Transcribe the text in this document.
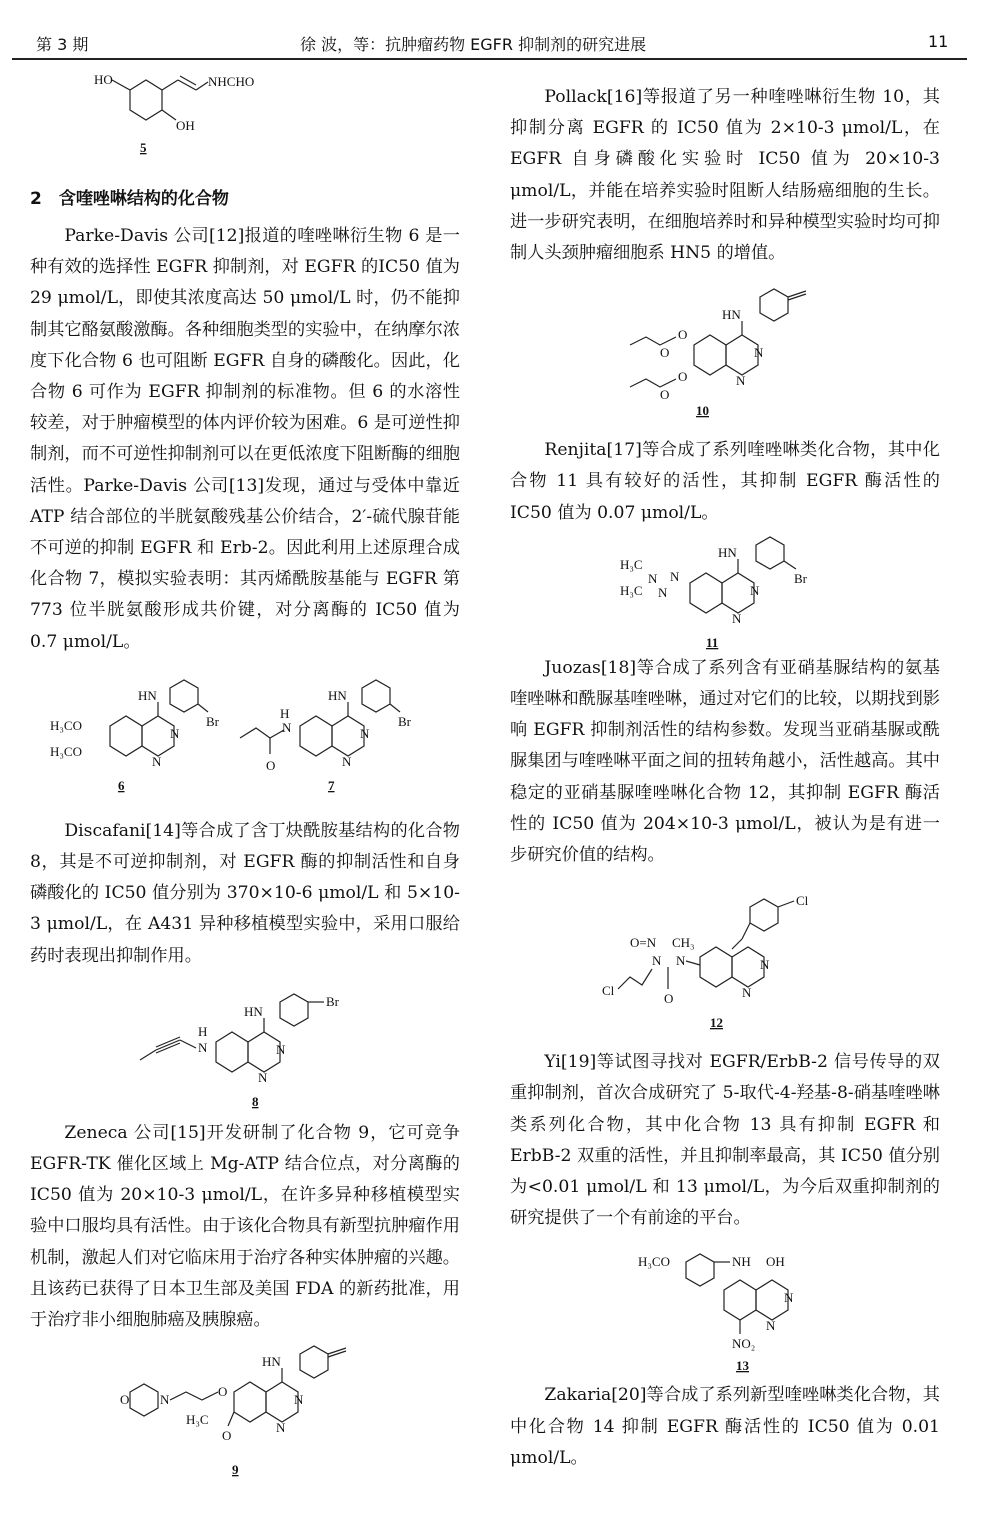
第 3 期	徐 波，等：抗肿瘤药物 EGFR 抑制剂的研究进展	11
HO
OH
NHCHO
5

2　含喹唑啉结构的化合物

Parke-Davis 公司[12]报道的喹唑啉衍生物 6 是一种有效的选择性 EGFR 抑制剂，对 EGFR 的IC50 值为 29 μmol/L，即使其浓度高达 50 μmol/L 时，仍不能抑制其它酪氨酸激酶。各种细胞类型的实验中，在纳摩尔浓度下化合物 6 也可阻断 EGFR 自身的磷酸化。因此，化合物 6 可作为 EGFR 抑制剂的标准物。但 6 的水溶性较差，对于肿瘤模型的体内评价较为困难。6 是可逆性抑制剂，而不可逆性抑制剂可以在更低浓度下阻断酶的细胞活性。Parke-Davis 公司[13]发现，通过与受体中靠近 ATP 结合部位的半胱氨酸残基公价结合，2′-硫代腺苷能不可逆的抑制 EGFR 和 Erb-2。因此利用上述原理合成化合物 7，模拟实验表明：其丙烯酰胺基能与 EGFR 第 773 位半胱氨酸形成共价键，对分离酶的 IC50 值为 0.7 μmol/L。

N
N
HN
Br
H₃CO
H₃CO
6
O
H
N	N
N
HN
Br
7

Discafani[14]等合成了含丁炔酰胺基结构的化合物 8，其是不可逆抑制剂，对 EGFR 酶的抑制活性和自身磷酸化的 IC50 值分别为 370×10-6 μmol/L 和 5×10-3 μmol/L，在 A431 异种移植模型实验中，采用口服给药时表现出抑制作用。

H
N	N
N
HN
Br
8

Zeneca 公司[15]开发研制了化合物 9，它可竞争 EGFR-TK 催化区域上 Mg-ATP 结合位点，对分离酶的 IC50 值为 20×10-3 μmol/L，在许多异种移植模型实验中口服均具有活性。由于该化合物具有新型抗肿瘤作用机制，激起人们对它临床用于治疗各种实体肿瘤的兴趣。且该药已获得了日本卫生部及美国 FDA 的新药批准，用于治疗非小细胞肺癌及胰腺癌。

O N
O
N
N
O
H₃C
HN
9

Pollack[16]等报道了另一种喹唑啉衍生物 10，其抑制分离 EGFR 的 IC50 值为 2×10-3 μmol/L，在 EGFR 自身磷酸化实验时 IC50 值为 20×10-3 μmol/L，并能在培养实验时阻断人结肠癌细胞的生长。进一步研究表明，在细胞培养时和异种模型实验时均可抑制人头颈肿瘤细胞系 HN5 的增值。

O
O
O
O
N
N
HN
10

Renjita[17]等合成了系列喹唑啉类化合物，其中化合物 11 具有较好的活性，其抑制 EGFR 酶活性的 IC50 值为 0.07 μmol/L。

H₃C
H₃C
N
N
N
N
N
HN
Br
11

Juozas[18]等合成了系列含有亚硝基脲结构的氨基喹唑啉和酰脲基喹唑啉，通过对它们的比较，以期找到影响 EGFR 抑制剂活性的结构参数。发现当亚硝基脲或酰脲集团与喹唑啉平面之间的扭转角越小，活性越高。其中稳定的亚硝基脲喹唑啉化合物 12，其抑制 EGFR 酶活性的 IC50 值为 204×10-3 μmol/L，被认为是有进一步研究价值的结构。

Cl
N
N
O=N CH₃
N N
O
Cl
12

Yi[19]等试图寻找对 EGFR/ErbB-2 信号传导的双重抑制剂，首次合成研究了 5-取代-4-羟基-8-硝基喹唑啉类系列化合物，其中化合物 13 具有抑制 EGFR 和 ErbB-2 双重的活性，并且抑制率最高，其 IC50 值分别为<0.01 μmol/L 和 13 μmol/L，为今后双重抑制剂的研究提供了一个有前途的平台。

H₃CO	NH OH
N
N
NO₂
13

Zakaria[20]等合成了系列新型喹唑啉类化合物，其中化合物 14 抑制 EGFR 酶活性的 IC50 值为 0.01 μmol/L。
